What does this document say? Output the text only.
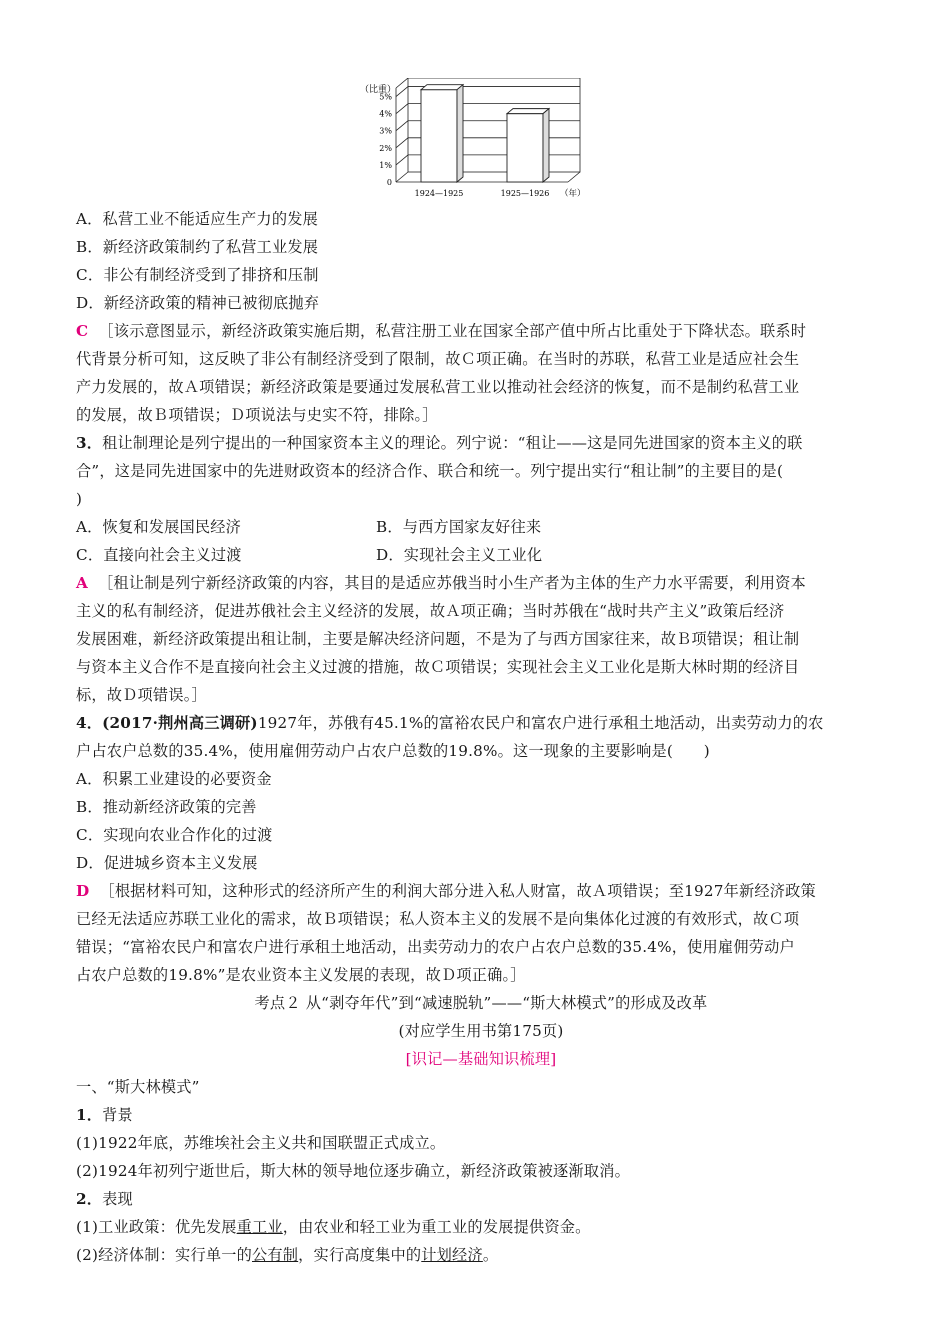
（比重）
5%
4%
3%
2%
1%
0
1924—1925	1925—1926 （年）
A．私营工业不能适应生产力的发展
B．新经济政策制约了私营工业发展
C．非公有制经济受到了排挤和压制
D．新经济政策的精神已被彻底抛弃
C ［该示意图显示，新经济政策实施后期，私营注册工业在国家全部产值中所占比重处于下降状态。联系时
代背景分析可知，这反映了非公有制经济受到了限制，故Ｃ项正确。在当时的苏联，私营工业是适应社会生
产力发展的，故Ａ项错误；新经济政策是要通过发展私营工业以推动社会经济的恢复，而不是制约私营工业
的发展，故Ｂ项错误；Ｄ项说法与史实不符，排除。］
3．租让制理论是列宁提出的一种国家资本主义的理论。列宁说：“租让——这是同先进国家的资本主义的联
合”，这是同先进国家中的先进财政资本的经济合作、联合和统一。列宁提出实行“租让制”的主要目的是(
)
A．恢复和发展国民经济	B．与西方国家友好往来
C．直接向社会主义过渡	D．实现社会主义工业化
A ［租让制是列宁新经济政策的内容，其目的是适应苏俄当时小生产者为主体的生产力水平需要，利用资本
主义的私有制经济，促进苏俄社会主义经济的发展，故Ａ项正确；当时苏俄在“战时共产主义”政策后经济
发展困难，新经济政策提出租让制，主要是解决经济问题，不是为了与西方国家往来，故Ｂ项错误；租让制
与资本主义合作不是直接向社会主义过渡的措施，故Ｃ项错误；实现社会主义工业化是斯大林时期的经济目
标，故Ｄ项错误。］
4．(2017·荆州高三调研)1927年，苏俄有45.1%的富裕农民户和富农户进行承租土地活动，出卖劳动力的农
户占农户总数的35.4%，使用雇佣劳动户占农户总数的19.8%。这一现象的主要影响是(　　)
A．积累工业建设的必要资金
B．推动新经济政策的完善
C．实现向农业合作化的过渡
D．促进城乡资本主义发展
D ［根据材料可知，这种形式的经济所产生的利润大部分进入私人财富，故Ａ项错误；至1927年新经济政策
已经无法适应苏联工业化的需求，故Ｂ项错误；私人资本主义的发展不是向集体化过渡的有效形式，故Ｃ项
错误；“富裕农民户和富农户进行承租土地活动，出卖劳动力的农户占农户总数的35.4%，使用雇佣劳动户
占农户总数的19.8%”是农业资本主义发展的表现，故Ｄ项正确。］
考点２ 从“剥夺年代”到“减速脱轨”——“斯大林模式”的形成及改革
(对应学生用书第175页)
[识记—基础知识梳理]
一、“斯大林模式”
1．背景
(1)1922年底，苏维埃社会主义共和国联盟正式成立。
(2)1924年初列宁逝世后，斯大林的领导地位逐步确立，新经济政策被逐渐取消。
2．表现
(1)工业政策：优先发展重工业，由农业和轻工业为重工业的发展提供资金。
(2)经济体制：实行单一的公有制，实行高度集中的计划经济。
